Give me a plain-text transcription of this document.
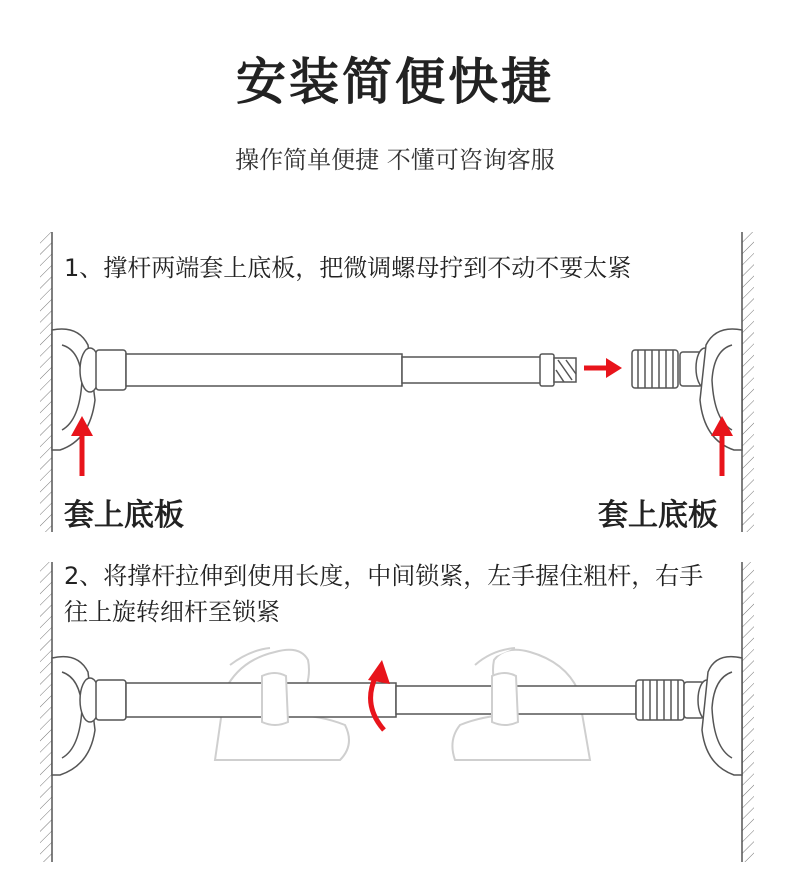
安装简便快捷
操作简单便捷 不懂可咨询客服
1、撑杆两端套上底板，把微调螺母拧到不动不要太紧
套上底板	套上底板
2、将撑杆拉伸到使用长度，中间锁紧，左手握住粗杆，右手往上旋转细杆至锁紧
